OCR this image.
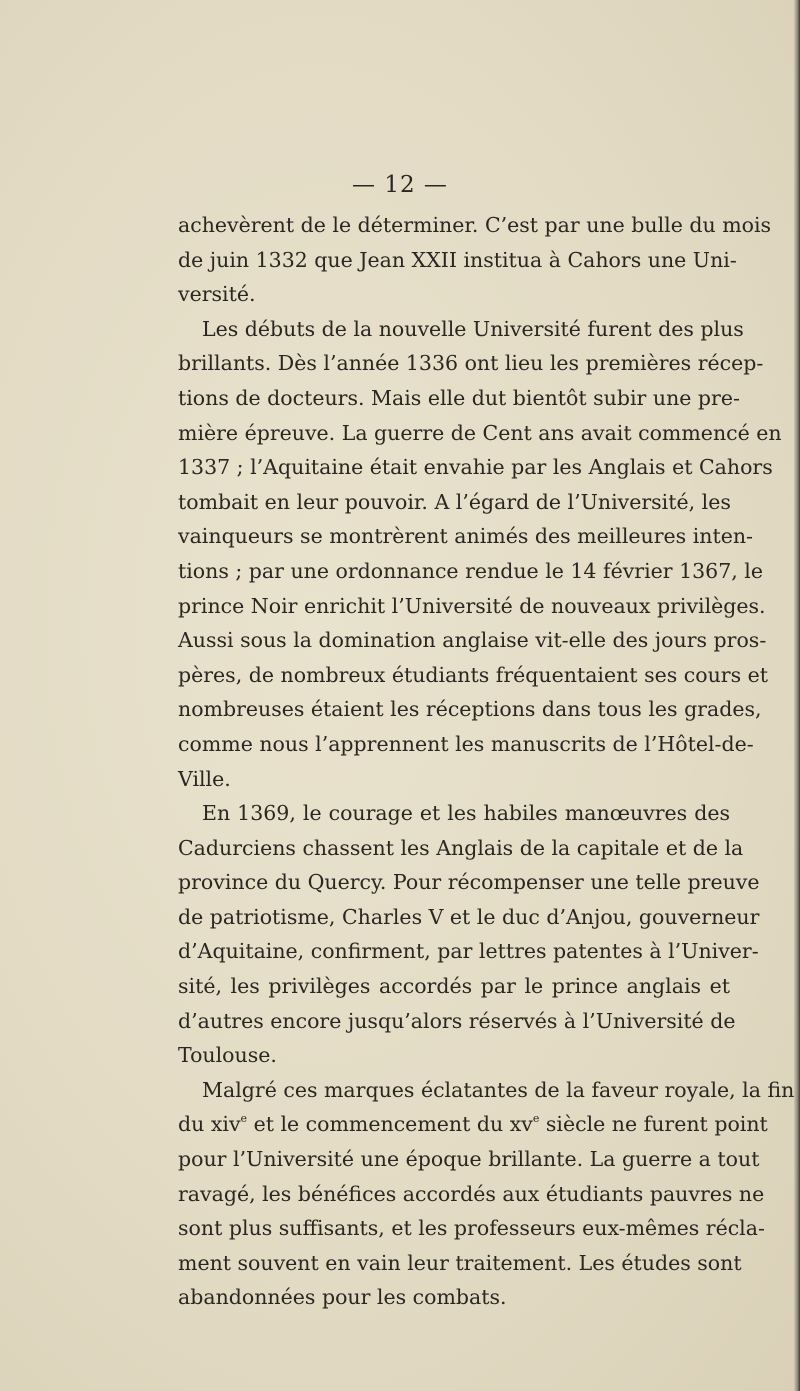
— 12 —
achevèrent de le déterminer. C’est par une bulle du mois
de juin 1332 que Jean XXII institua à Cahors une Uni-
versité.
Les débuts de la nouvelle Université furent des plus
brillants. Dès l’année 1336 ont lieu les premières récep-
tions de docteurs. Mais elle dut bientôt subir une pre-
mière épreuve. La guerre de Cent ans avait commencé en
1337 ; l’Aquitaine était envahie par les Anglais et Cahors
tombait en leur pouvoir. A l’égard de l’Université, les
vainqueurs se montrèrent animés des meilleures inten-
tions ; par une ordonnance rendue le 14 février 1367, le
prince Noir enrichit l’Université de nouveaux privilèges.
Aussi sous la domination anglaise vit-elle des jours pros-
pères, de nombreux étudiants fréquentaient ses cours et
nombreuses étaient les réceptions dans tous les grades,
comme nous l’apprennent les manuscrits de l’Hôtel-de-
Ville.
En 1369, le courage et les habiles manœuvres des
Cadurciens chassent les Anglais de la capitale et de la
province du Quercy. Pour récompenser une telle preuve
de patriotisme, Charles V et le duc d’Anjou, gouverneur
d’Aquitaine, confirment, par lettres patentes à l’Univer-
sité, les privilèges accordés par le prince anglais et
d’autres encore jusqu’alors réservés à l’Université de
Toulouse.
Malgré ces marques éclatantes de la faveur royale, la fin
du xiv$^e$ et le commencement du $xv^e$ siècle ne furent point
pour l’Université une époque brillante. La guerre a tout
ravagé, les bénéfices accordés aux étudiants pauvres ne
sont plus suffisants, et les professeurs eux-mêmes récla-
ment souvent en vain leur traitement. Les études sont
abandonnées pour les combats.
